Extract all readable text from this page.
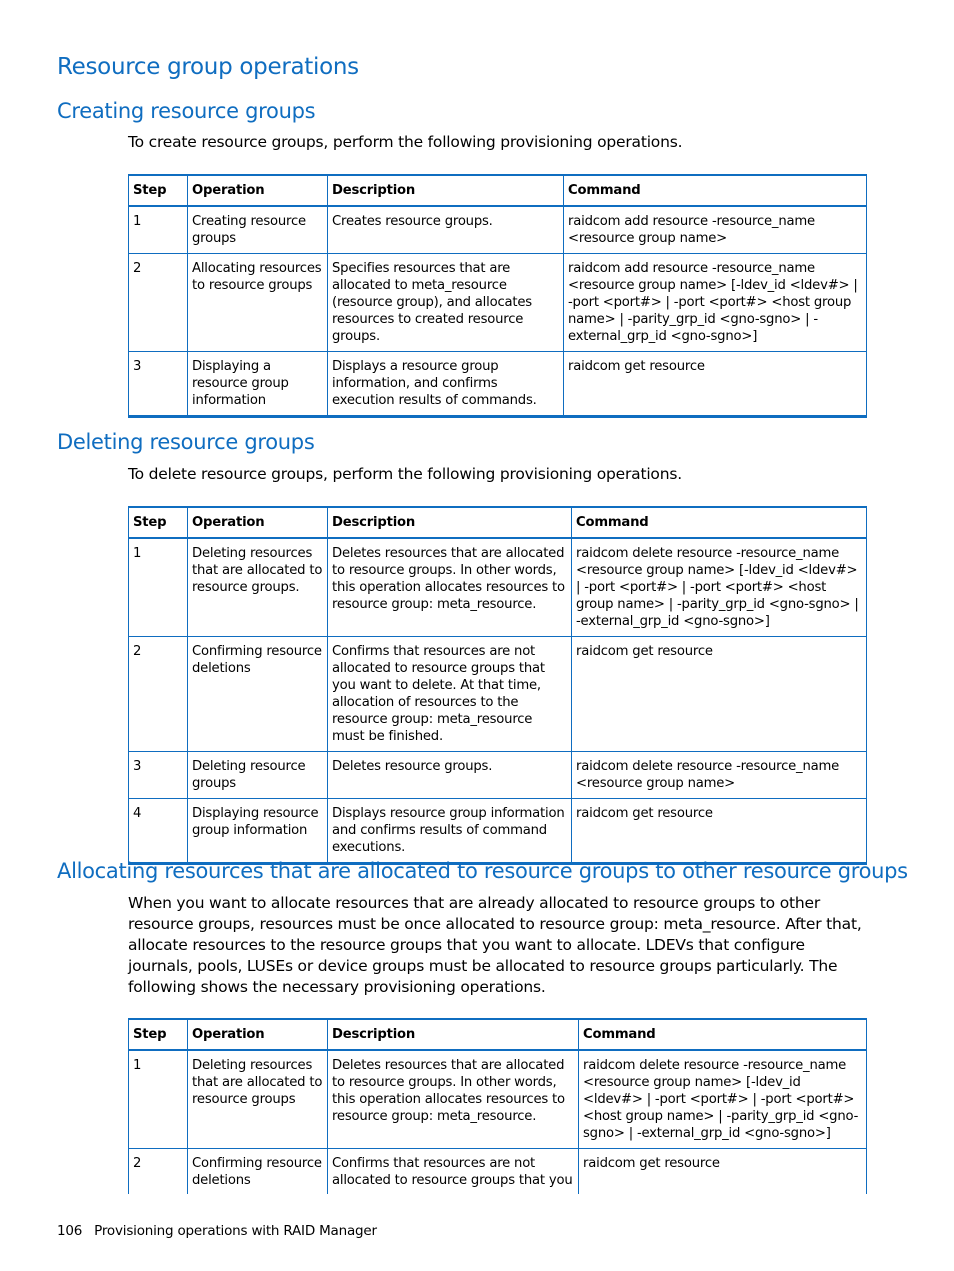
Resource group operations
Creating resource groups

To create resource groups, perform the following provisioning operations.

Step	Operation	Description	Command
1	Creating resource groups	Creates resource groups.	raidcom add resource -resource_name <resource group name>
2	Allocating resources to resource groups	Specifies resources that are allocated to meta_resource (resource group), and allocates resources to created resource groups.	raidcom add resource -resource_name <resource group name> [-ldev_id <ldev#> | -port <port#> | -port <port#> <host group name> | -parity_grp_id <gno-sgno> | -external_grp_id <gno-sgno>]
3	Displaying a resource group information	Displays a resource group information, and confirms execution results of commands.	raidcom get resource
Deleting resource groups

To delete resource groups, perform the following provisioning operations.

Step	Operation	Description	Command
1	Deleting resources that are allocated to resource groups.	Deletes resources that are allocated to resource groups. In other words, this operation allocates resources to resource group: meta_resource.	raidcom delete resource -resource_name <resource group name> [-ldev_id <ldev#> | -port <port#> | -port <port#> <host group name> | -parity_grp_id <gno-sgno> | -external_grp_id <gno-sgno>]
2	Confirming resource deletions	Confirms that resources are not allocated to resource groups that you want to delete. At that time, allocation of resources to the resource group: meta_resource must be finished.	raidcom get resource
3	Deleting resource groups	Deletes resource groups.	raidcom delete resource -resource_name <resource group name>
4	Displaying resource group information	Displays resource group information and confirms results of command executions.	raidcom get resource
Allocating resources that are allocated to resource groups to other resource groups

When you want to allocate resources that are already allocated to resource groups to other resource groups, resources must be once allocated to resource group: meta_resource. After that, allocate resources to the resource groups that you want to allocate. LDEVs that configure journals, pools, LUSEs or device groups must be allocated to resource groups particularly. The following shows the necessary provisioning operations.

Step	Operation	Description	Command
1	Deleting resources that are allocated to resource groups	Deletes resources that are allocated to resource groups. In other words, this operation allocates resources to resource group: meta_resource.	raidcom delete resource -resource_name <resource group name> [-ldev_id <ldev#> | -port <port#> | -port <port#> <host group name> | -parity_grp_id <gno-sgno> | -external_grp_id <gno-sgno>]
2	Confirming resource deletions	Confirms that resources are not allocated to resource groups that you	raidcom get resource
106 Provisioning operations with RAID Manager
